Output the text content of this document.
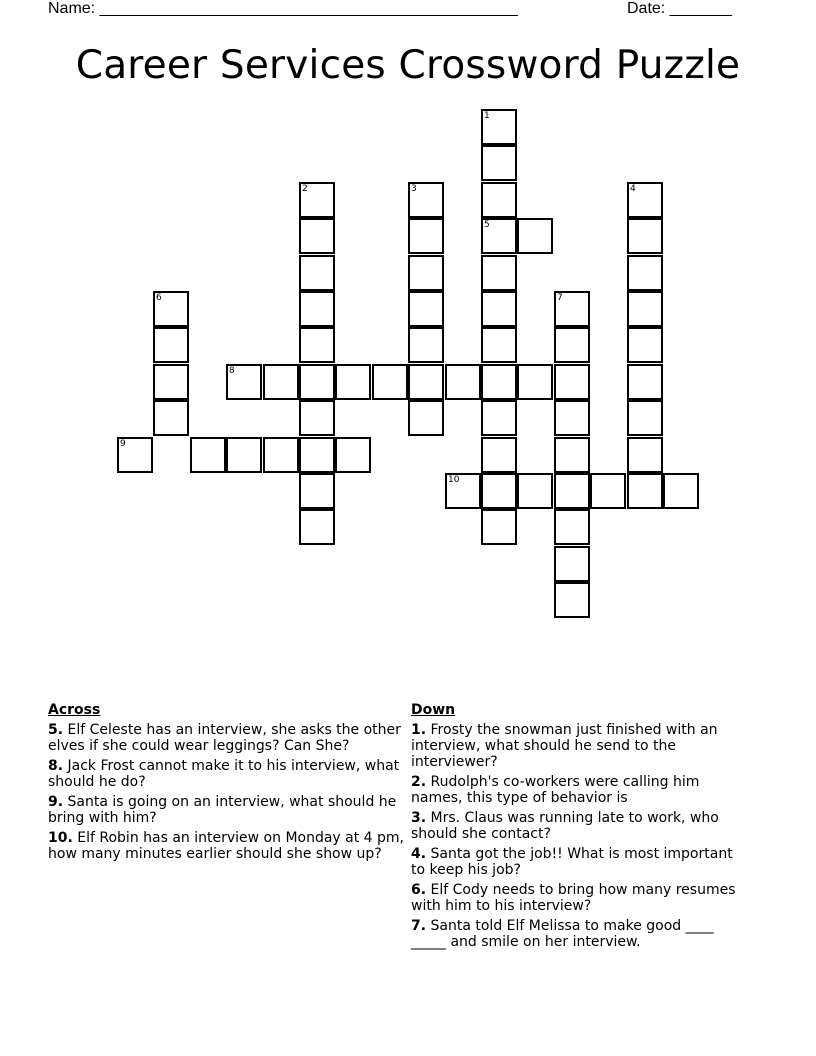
Name: _______________________________________________	Date: _______
Career Services Crossword Puzzle
1
5
2	3	4
6	7
8
9
10
Across
5. Elf Celeste has an interview, she asks the other elves if she could wear leggings? Can She?
8. Jack Frost cannot make it to his interview, what should he do?
9. Santa is going on an interview, what should he bring with him?
10. Elf Robin has an interview on Monday at 4 pm, how many minutes earlier should she show up?
Down
1. Frosty the snowman just finished with an interview, what should he send to the interviewer?
2. Rudolph's co-workers were calling him names, this type of behavior is
3. Mrs. Claus was running late to work, who should she contact?
4. Santa got the job!! What is most important to keep his job?
6. Elf Cody needs to bring how many resumes with him to his interview?
7. Santa told Elf Melissa to make good ____ _____ and smile on her interview.
